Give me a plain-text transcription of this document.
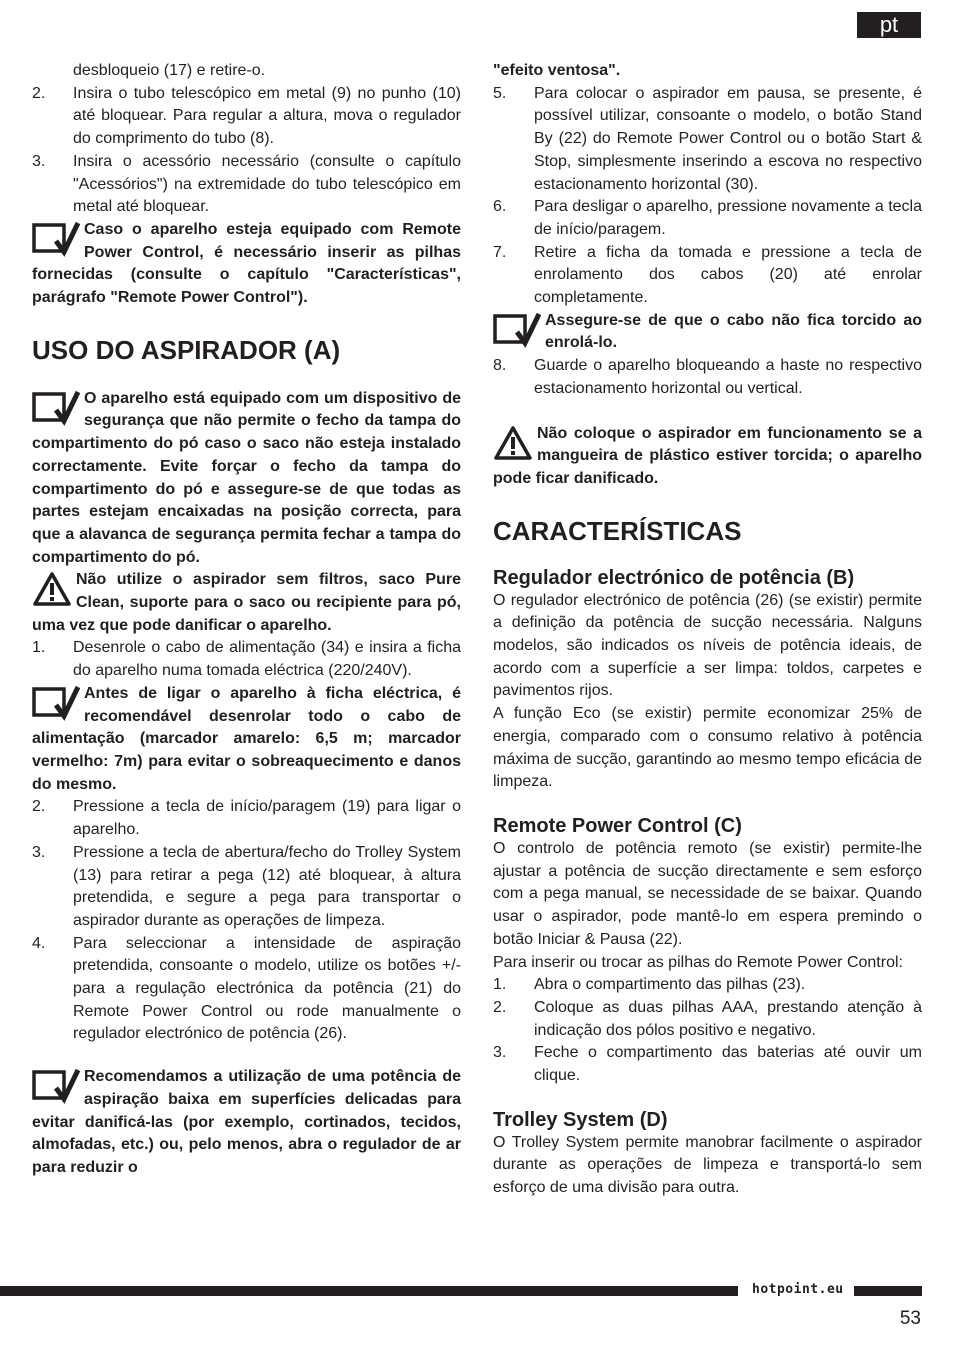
pt

desbloqueio (17) e retire-o.

2. Insira o tubo telescópico em metal (9) no punho (10) até bloquear. Para regular a altura, mova o regulador do comprimento do tubo (8).
3. Insira o acessório necessário (consulte o capítulo "Acessórios") na extremidade do tubo telescópico em metal até bloquear.

Caso o aparelho esteja equipado com Remote Power Control, é necessário inserir as pilhas fornecidas (consulte o capítulo "Características", parágrafo "Remote Power Control").

USO DO ASPIRADOR (A)

O aparelho está equipado com um dispositivo de segurança que não permite o fecho da tampa do compartimento do pó caso o saco não esteja instalado correctamente. Evite forçar o fecho da tampa do compartimento do pó e assegure-se de que todas as partes estejam encaixadas na posição correcta, para que a alavanca de segurança permita fechar a tampa do compartimento do pó.

Não utilize o aspirador sem filtros, saco Pure Clean, suporte para o saco ou recipiente para pó, uma vez que pode danificar o aparelho.

1. Desenrole o cabo de alimentação (34) e insira a ficha do aparelho numa tomada eléctrica (220/240V).

Antes de ligar o aparelho à ficha eléctrica, é recomendável desenrolar todo o cabo de alimentação (marcador amarelo: 6,5 m; marcador vermelho: 7m) para evitar o sobreaquecimento e danos do mesmo.

2. Pressione a tecla de início/paragem (19) para ligar o aparelho.
3. Pressione a tecla de abertura/fecho do Trolley System (13) para retirar a pega (12) até bloquear, à altura pretendida, e segure a pega para transportar o aspirador durante as operações de limpeza.
4. Para seleccionar a intensidade de aspiração pretendida, consoante o modelo, utilize os botões +/- para a regulação electrónica da potência (21) do Remote Power Control ou rode manualmente o regulador electrónico de potência (26).

Recomendamos a utilização de uma potência de aspiração baixa em superfícies delicadas para evitar danificá-las (por exemplo, cortinados, tecidos, almofadas, etc.) ou, pelo menos, abra o regulador de ar para reduzir o

"efeito ventosa".

5. Para colocar o aspirador em pausa, se presente, é possível utilizar, consoante o modelo, o botão Stand By (22) do Remote Power Control ou o botão Start & Stop, simplesmente inserindo a escova no respectivo estacionamento horizontal (30).
6. Para desligar o aparelho, pressione novamente a tecla de início/paragem.
7. Retire a ficha da tomada e pressione a tecla de enrolamento dos cabos (20) até enrolar completamente.

Assegure-se de que o cabo não fica torcido ao enrolá-lo.

8. Guarde o aparelho bloqueando a haste no respectivo estacionamento horizontal ou vertical.

Não coloque o aspirador em funcionamento se a mangueira de plástico estiver torcida; o aparelho pode ficar danificado.

CARACTERÍSTICAS
Regulador electrónico de potência (B)

O regulador electrónico de potência (26) (se existir) permite a definição da potência de sucção necessária. Nalguns modelos, são indicados os níveis de potência ideais, de acordo com a superfície a ser limpa: toldos, carpetes e pavimentos rijos.

A função Eco (se existir) permite economizar 25% de energia, comparado com o consumo relativo à potência máxima de sucção, garantindo ao mesmo tempo eficácia de limpeza.

Remote Power Control (C)

O controlo de potência remoto (se existir) permite-lhe ajustar a potência de sucção directamente e sem esforço com a pega manual, se necessidade de se baixar. Quando usar o aspirador, pode mantê-lo em espera premindo o botão Iniciar & Pausa (22).

Para inserir ou trocar as pilhas do Remote Power Control:

1. Abra o compartimento das pilhas (23).
2. Coloque as duas pilhas AAA, prestando atenção à indicação dos pólos positivo e negativo.
3. Feche o compartimento das baterias até ouvir um clique.
Trolley System (D)

O Trolley System permite manobrar facilmente o aspirador durante as operações de limpeza e transportá-lo sem esforço de uma divisão para outra.

hotpoint.eu
53
